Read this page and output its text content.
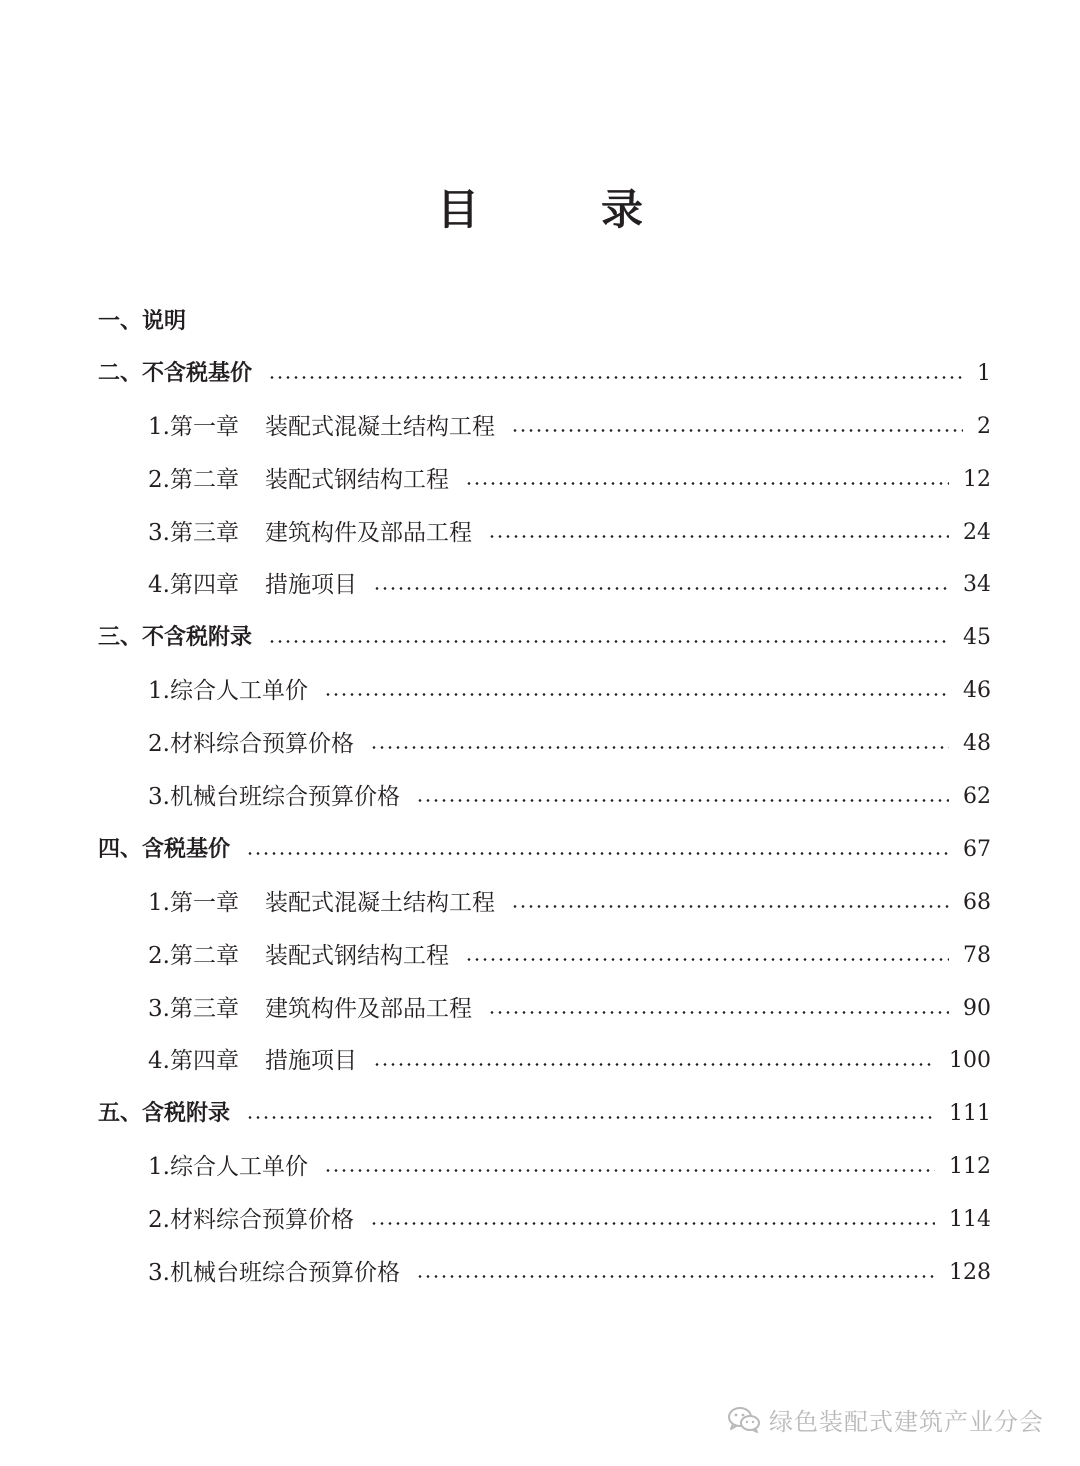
目　录
一、说明
二、不含税基价	1
1.第一章 装配式混凝土结构工程	2
2.第二章 装配式钢结构工程	12
3.第三章 建筑构件及部品工程	24
4.第四章 措施项目	34
三、不含税附录	45
1.综合人工单价	46
2.材料综合预算价格	48
3.机械台班综合预算价格	62
四、含税基价	67
1.第一章 装配式混凝土结构工程	68
2.第二章 装配式钢结构工程	78
3.第三章 建筑构件及部品工程	90
4.第四章 措施项目	100
五、含税附录	111
1.综合人工单价	112
2.材料综合预算价格	114
3.机械台班综合预算价格	128
绿色装配式建筑产业分会
